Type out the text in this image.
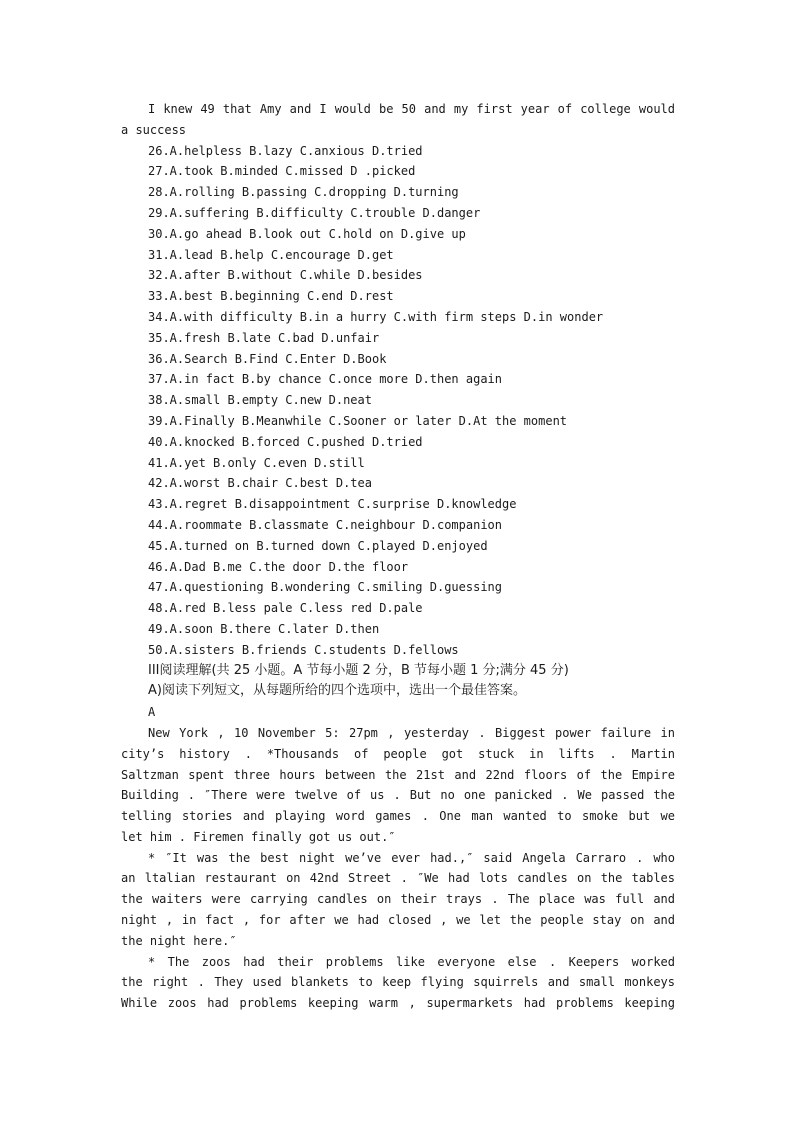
I knew 49 that Amy and I would be 50 and my first year of college would
a success
26.A.helpless B.lazy C.anxious D.tried
27.A.took B.minded C.missed D .picked
28.A.rolling B.passing C.dropping D.turning
29.A.suffering B.difficulty C.trouble D.danger
30.A.go ahead B.look out C.hold on D.give up
31.A.lead B.help C.encourage D.get
32.A.after B.without C.while D.besides
33.A.best B.beginning C.end D.rest
34.A.with difficulty B.in a hurry C.with firm steps D.in wonder
35.A.fresh B.late C.bad D.unfair
36.A.Search B.Find C.Enter D.Book
37.A.in fact B.by chance C.once more D.then again
38.A.small B.empty C.new D.neat
39.A.Finally B.Meanwhile C.Sooner or later D.At the moment
40.A.knocked B.forced C.pushed D.tried
41.A.yet B.only C.even D.still
42.A.worst B.chair C.best D.tea
43.A.regret B.disappointment C.surprise D.knowledge
44.A.roommate B.classmate C.neighbour D.companion
45.A.turned on B.turned down C.played D.enjoyed
46.A.Dad B.me C.the door D.the floor
47.A.questioning B.wondering C.smiling D.guessing
48.A.red B.less pale C.less red D.pale
49.A.soon B.there C.later D.then
50.A.sisters B.friends C.students D.fellows
III阅读理解(共 25 小题。A 节每小题 2 分，B 节每小题 1 分;满分 45 分)
A)阅读下列短文，从每题所给的四个选项中，选出一个最佳答案。
A
New York , 10 November 5: 27pm , yesterday . Biggest power failure in
city’s history . *Thousands of people got stuck in lifts . Martin
Saltzman spent three hours between the 21st and 22nd floors of the Empire
Building . ″There were twelve of us . But no one panicked . We passed the
telling stories and playing word games . One man wanted to smoke but we
let him . Firemen finally got us out.″
* ″It was the best night we’ve ever had.,″ said Angela Carraro . who
an ltalian restaurant on 42nd Street . ″We had lots candles on the tables
the waiters were carrying candles on their trays . The place was full and
night , in fact , for after we had closed , we let the people stay on and
the night here.″
* The zoos had their problems like everyone else . Keepers worked
the right . They used blankets to keep flying squirrels and small monkeys
While zoos had problems keeping warm , supermarkets had problems keeping
